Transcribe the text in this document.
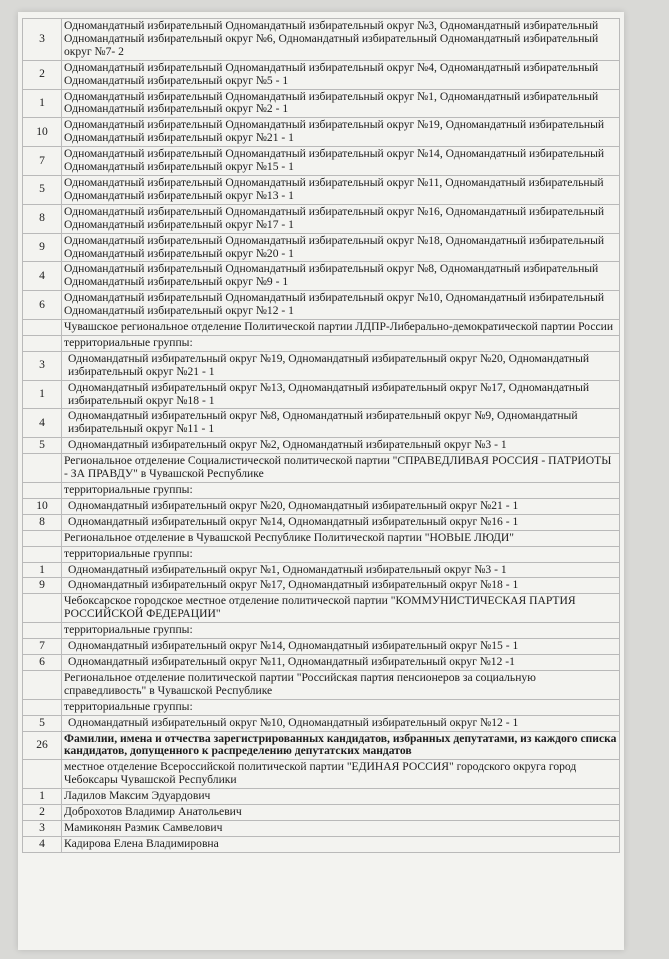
3	Одномандатный избирательный Одномандатный избирательный округ №3, Одномандатный избирательный Одномандатный избирательный округ №6, Одномандатный избирательный Одномандатный избирательный округ №7- 2
2	Одномандатный избирательный Одномандатный избирательный округ №4, Одномандатный избирательный Одномандатный избирательный округ №5 - 1
1	Одномандатный избирательный Одномандатный избирательный округ №1, Одномандатный избирательный Одномандатный избирательный округ №2 - 1
10	Одномандатный избирательный Одномандатный избирательный округ №19, Одномандатный избирательный Одномандатный избирательный округ №21 - 1
7	Одномандатный избирательный Одномандатный избирательный округ №14, Одномандатный избирательный Одномандатный избирательный округ №15 - 1
5	Одномандатный избирательный Одномандатный избирательный округ №11, Одномандатный избирательный Одномандатный избирательный округ №13 - 1
8	Одномандатный избирательный Одномандатный избирательный округ №16, Одномандатный избирательный Одномандатный избирательный округ №17 - 1
9	Одномандатный избирательный Одномандатный избирательный округ №18, Одномандатный избирательный Одномандатный избирательный округ №20 - 1
4	Одномандатный избирательный Одномандатный избирательный округ №8, Одномандатный избирательный Одномандатный избирательный округ №9 - 1
6	Одномандатный избирательный Одномандатный избирательный округ №10, Одномандатный избирательный Одномандатный избирательный округ №12 - 1
	Чувашское региональное отделение Политической партии ЛДПР-Либерально-демократической партии России
	территориальные группы:
3	Одномандатный избирательный округ №19, Одномандатный избирательный округ №20, Одномандатный избирательный округ №21 - 1
1	Одномандатный избирательный округ №13, Одномандатный избирательный округ №17, Одномандатный избирательный округ №18 - 1
4	Одномандатный избирательный округ №8, Одномандатный избирательный округ №9, Одномандатный избирательный округ №11 - 1
5	Одномандатный избирательный округ №2, Одномандатный избирательный округ №3 - 1
	Региональное отделение Социалистической политической партии "СПРАВЕДЛИВАЯ РОССИЯ - ПАТРИОТЫ - ЗА ПРАВДУ" в Чувашской Республике
	территориальные группы:
10	Одномандатный избирательный округ №20, Одномандатный избирательный округ №21 - 1
8	Одномандатный избирательный округ №14, Одномандатный избирательный округ №16 - 1
	Региональное отделение в Чувашской Республике Политической партии "НОВЫЕ ЛЮДИ"
	территориальные группы:
1	Одномандатный избирательный округ №1, Одномандатный избирательный округ №3 - 1
9	Одномандатный избирательный округ №17, Одномандатный избирательный округ №18 - 1
	Чебоксарское городское местное отделение политической партии "КОММУНИСТИЧЕСКАЯ ПАРТИЯ РОССИЙСКОЙ ФЕДЕРАЦИИ"
	территориальные группы:
7	Одномандатный избирательный округ №14, Одномандатный избирательный округ №15 - 1
6	Одномандатный избирательный округ №11, Одномандатный избирательный округ №12 -1
	Региональное отделение политической партии "Российская партия пенсионеров за социальную справедливость" в Чувашской Республике
	территориальные группы:
5	Одномандатный избирательный округ №10, Одномандатный избирательный округ №12 - 1
26	Фамилии, имена и отчества зарегистрированных кандидатов, избранных депутатами, из каждого списка кандидатов, допущенного к распределению депутатских мандатов
	местное отделение Всероссийской политической партии "ЕДИНАЯ РОССИЯ" городского округа город Чебоксары Чувашской Республики
1	Ладилов Максим Эдуардович
2	Доброхотов Владимир Анатольевич
3	Мамиконян Размик Самвелович
4	Кадирова Елена Владимировна
